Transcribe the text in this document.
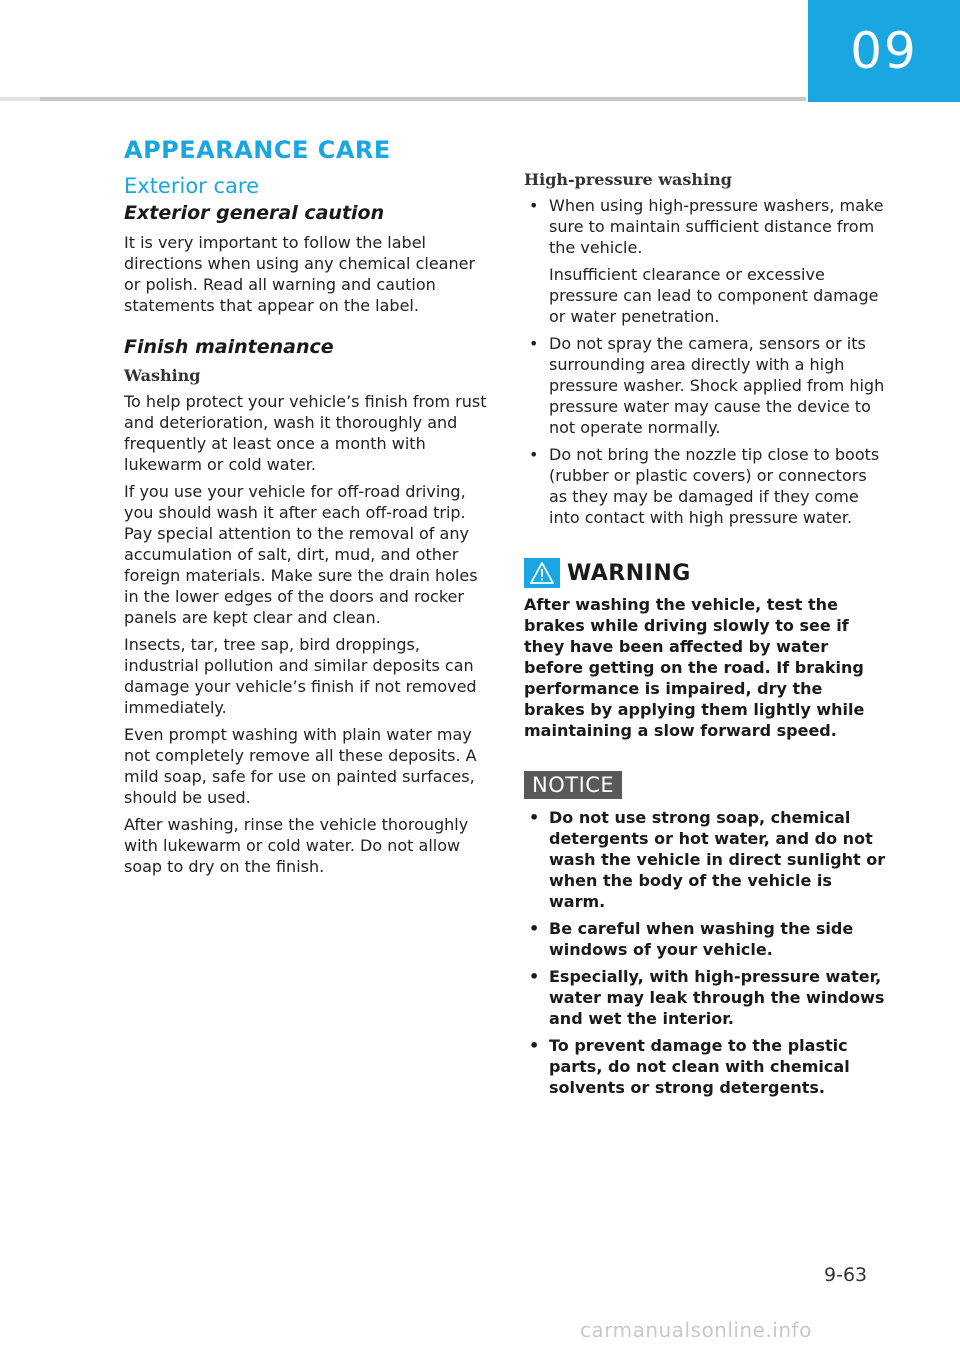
09
APPEARANCE CARE
Exterior care
Exterior general caution

It is very important to follow the label directions when using any chemical cleaner or polish. Read all warning and caution statements that appear on the label.

Finish maintenance
Washing

To help protect your vehicle’s finish from rust and deterioration, wash it thoroughly and frequently at least once a month with lukewarm or cold water.

If you use your vehicle for off-road driving, you should wash it after each off-road trip. Pay special attention to the removal of any accumulation of salt, dirt, mud, and other foreign materials. Make sure the drain holes in the lower edges of the doors and rocker panels are kept clear and clean.

Insects, tar, tree sap, bird droppings, industrial pollution and similar deposits can damage your vehicle’s finish if not removed immediately.

Even prompt washing with plain water may not completely remove all these deposits. A mild soap, safe for use on painted surfaces, should be used.

After washing, rinse the vehicle thoroughly with lukewarm or cold water. Do not allow soap to dry on the finish.

High-pressure washing
• When using high-pressure washers, make sure to maintain sufficient distance from the vehicle.
Insufficient clearance or excessive pressure can lead to component damage or water penetration.
• Do not spray the camera, sensors or its surrounding area directly with a high pressure washer. Shock applied from high pressure water may cause the device to not operate normally.
• Do not bring the nozzle tip close to boots (rubber or plastic covers) or connectors as they may be damaged if they come into contact with high pressure water.
WARNING

After washing the vehicle, test the brakes while driving slowly to see if they have been affected by water before getting on the road. If braking performance is impaired, dry the brakes by applying them lightly while maintaining a slow forward speed.

NOTICE
• Do not use strong soap, chemical detergents or hot water, and do not wash the vehicle in direct sunlight or when the body of the vehicle is warm.
• Be careful when washing the side windows of your vehicle.
• Especially, with high-pressure water, water may leak through the windows and wet the interior.
• To prevent damage to the plastic parts, do not clean with chemical solvents or strong detergents.
9-63
carmanualsonline.info
